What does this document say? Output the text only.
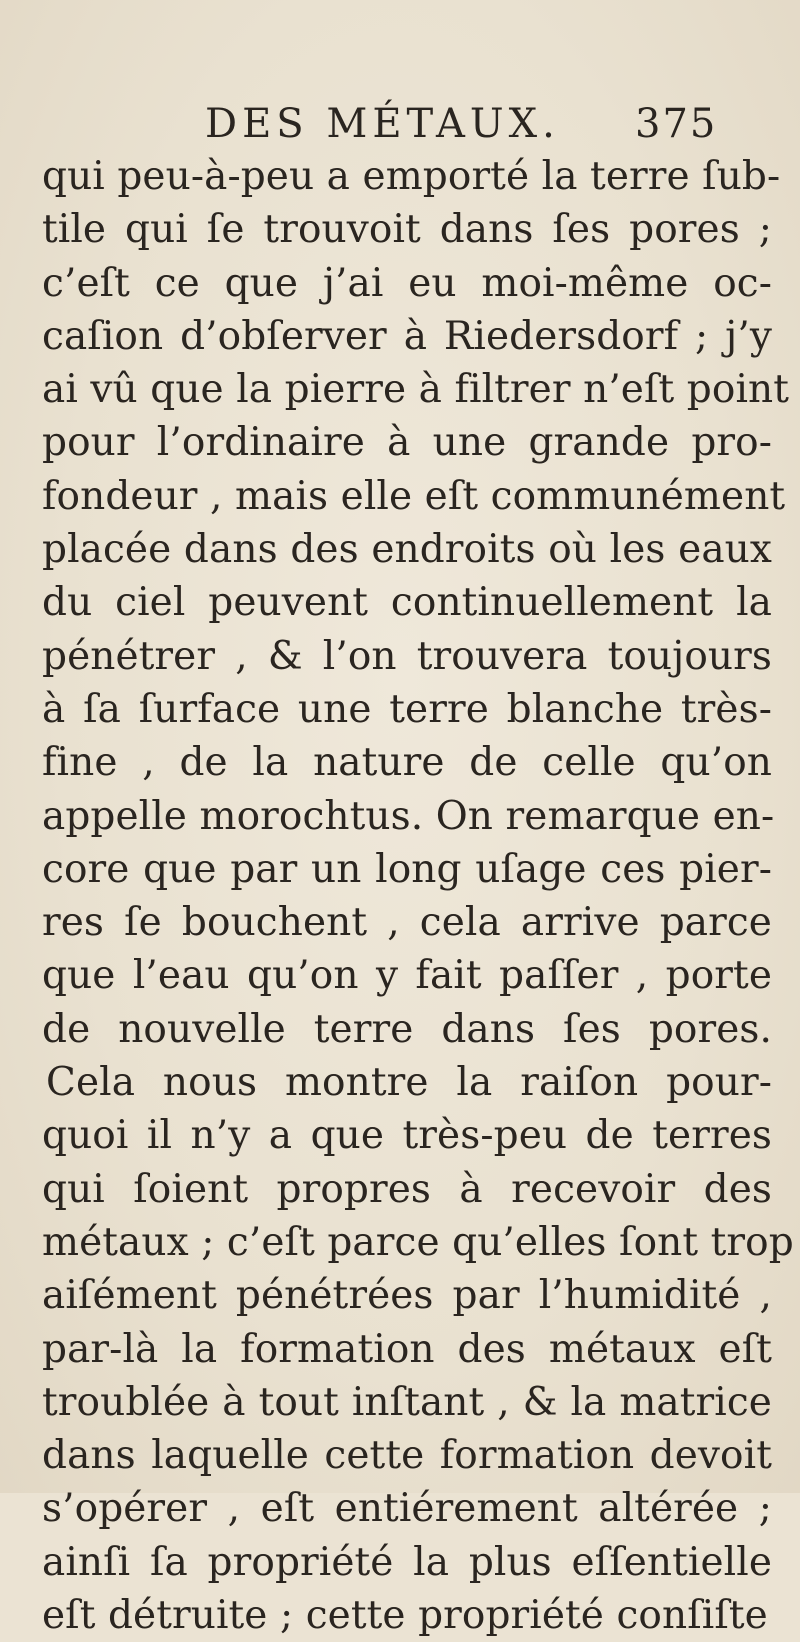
DES MÉTAUX. 375
qui peu-à-peu a emporté la terre ſub-
tile qui ſe trouvoit dans ſes pores ;
c’eſt ce que j’ai eu moi-même oc-
caſion d’obſerver à Riedersdorf ; j’y
ai vû que la pierre à filtrer n’eſt point
pour l’ordinaire à une grande pro-
fondeur , mais elle eſt communément
placée dans des endroits où les eaux
du ciel peuvent continuellement la
pénétrer , & l’on trouvera toujours
à ſa ſurface une terre blanche très-
fine , de la nature de celle qu’on
appelle morochtus. On remarque en-
core que par un long uſage ces pier-
res ſe bouchent , cela arrive parce
que l’eau qu’on y fait paſſer , porte
de nouvelle terre dans ſes pores.
Cela nous montre la raiſon pour-
quoi il n’y a que très-peu de terres
qui ſoient propres à recevoir des
métaux ; c’eſt parce qu’elles ſont trop
aiſément pénétrées par l’humidité ,
par-là la formation des métaux eſt
troublée à tout inſtant , & la matrice
dans laquelle cette formation devoit
s’opérer , eſt entiérement altérée ;
ainſi ſa propriété la plus eſſentielle
eſt détruite ; cette propriété conſiſte
